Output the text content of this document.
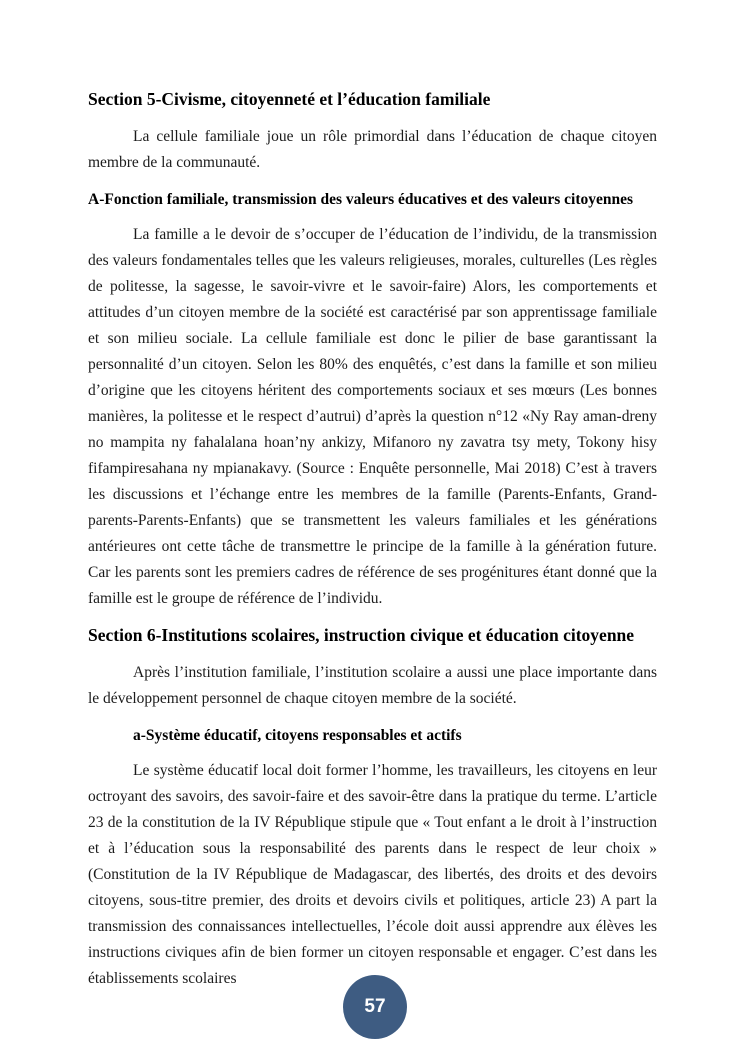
Section 5-Civisme, citoyenneté et l’éducation familiale

La cellule familiale joue un rôle primordial dans l’éducation de chaque citoyen membre de la communauté.

A-Fonction familiale, transmission des valeurs éducatives et des valeurs citoyennes

La famille a le devoir de s’occuper de l’éducation de l’individu, de la transmission des valeurs fondamentales telles que les valeurs religieuses, morales, culturelles (Les règles de politesse, la sagesse, le savoir-vivre et le savoir-faire) Alors, les comportements et attitudes d’un citoyen membre de la société est caractérisé par son apprentissage familiale et son milieu sociale. La cellule familiale est donc le pilier de base garantissant la personnalité d’un citoyen. Selon les 80% des enquêtés, c’est dans la famille et son milieu d’origine que les citoyens héritent des comportements sociaux et ses mœurs (Les bonnes manières, la politesse et le respect d’autrui) d’après la question n°12 «Ny Ray aman-dreny no mampita ny fahalalana hoan’ny ankizy, Mifanoro ny zavatra tsy mety, Tokony hisy fifampiresahana ny mpianakavy. (Source : Enquête personnelle, Mai 2018) C’est à travers les discussions et l’échange entre les membres de la famille (Parents-Enfants, Grand-parents-Parents-Enfants) que se transmettent les valeurs familiales et les générations antérieures ont cette tâche de transmettre le principe de la famille à la génération future. Car les parents sont les premiers cadres de référence de ses progénitures étant donné que la famille est le groupe de référence de l’individu.

Section 6-Institutions scolaires, instruction civique et éducation citoyenne

Après l’institution familiale, l’institution scolaire a aussi une place importante dans le développement personnel de chaque citoyen membre de la société.

a-Système éducatif, citoyens responsables et actifs

Le système éducatif local doit former l’homme, les travailleurs, les citoyens en leur octroyant des savoirs, des savoir-faire et des savoir-être dans la pratique du terme. L’article 23 de la constitution de la IV République stipule que « Tout enfant a le droit à l’instruction et à l’éducation sous la responsabilité des parents dans le respect de leur choix » (Constitution de la IV République de Madagascar, des libertés, des droits et des devoirs citoyens, sous-titre premier, des droits et devoirs civils et politiques, article 23) A part la transmission des connaissances intellectuelles, l’école doit aussi apprendre aux élèves les instructions civiques afin de bien former un citoyen responsable et engager. C’est dans les établissements scolaires

57
